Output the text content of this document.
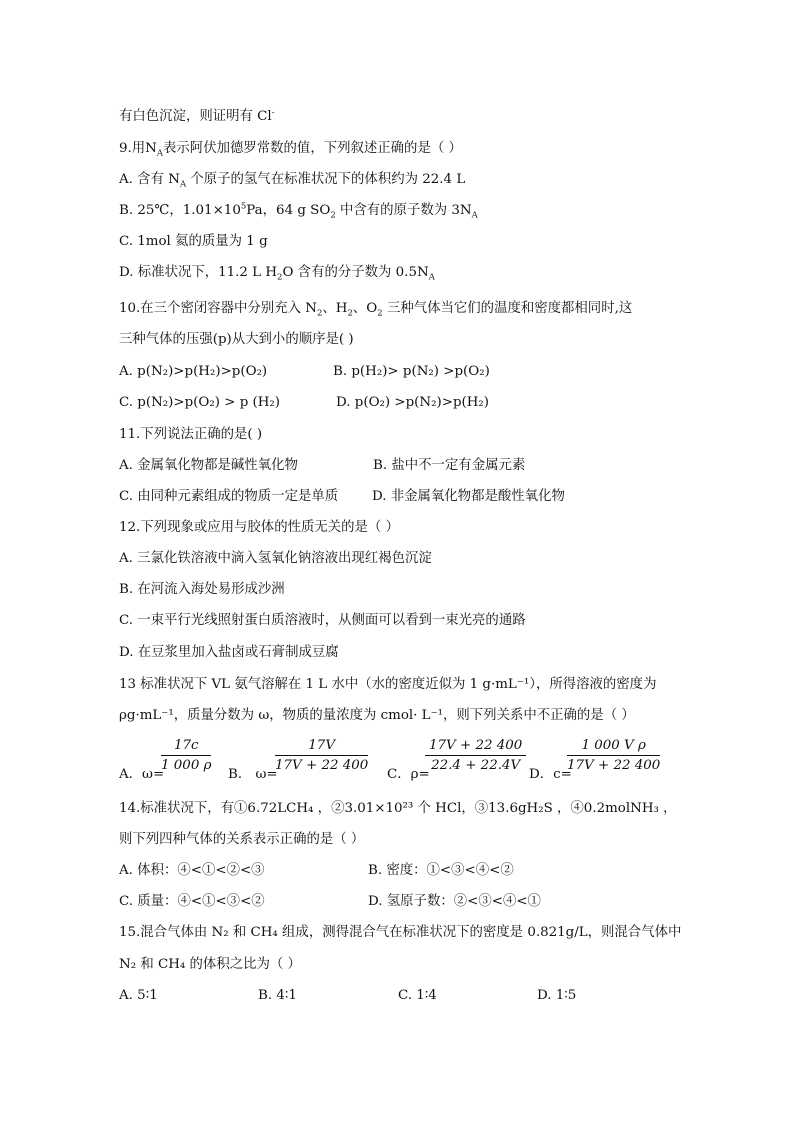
有白色沉淀，则证明有 Cl-
9.用$N_A$表示阿伏加德罗常数的值，下列叙述正确的是（ ）
A. 含有 $N_A$ 个原子的氢气在标准状况下的体积约为 22.4 L
B. 25℃，$1.01\times 10^5Pa$，64 g $SO_2$ 中含有的原子数为 $3N_A$
C. 1mol 氦的质量为 1 g
D. 标准状况下，11.2 L $H_2O$ 含有的分子数为 $0.5N_A$
10.在三个密闭容器中分别充入 $N_2$、$H_2$、$O_2$ 三种气体当它们的温度和密度都相同时,这
三种气体的压强(p)从大到小的顺序是( )
A. p(N₂)>p(H₂)>p(O₂)	B. p(H₂)> p(N₂) >p(O₂)
C. p(N₂)>p(O₂) > p (H₂)	D. p(O₂) >p(N₂)>p(H₂)
11.下列说法正确的是( )
A. 金属氧化物都是碱性氧化物	B. 盐中不一定有金属元素
C. 由同种元素组成的物质一定是单质	D. 非金属氧化物都是酸性氧化物
12.下列现象或应用与胶体的性质无关的是（ ）
A. 三氯化铁溶液中滴入氢氧化钠溶液出现红褐色沉淀
B. 在河流入海处易形成沙洲
C. 一束平行光线照射蛋白质溶液时，从侧面可以看到一束光亮的通路
D. 在豆浆里加入盐卤或石膏制成豆腐
13 标准状况下 VL 氨气溶解在 1 L 水中（水的密度近似为 1 g·mL⁻¹），所得溶液的密度为
ρg·mL⁻¹，质量分数为 ω，物质的量浓度为 cmol· L⁻¹，则下列关系中不正确的是（ ）
A．ω=
$\frac{17c}{1 000 \rho}$
B． ω=
$\frac{17V}{17V + 22 400}$
C．ρ=
$\frac{17V + 22 400}{22.4 + 22.4V}$
D．c=
$\frac{\text{1 000 V ρ}}{17V + 22 400}$
14.标准状况下，有①6.72LCH₄ ，②3.01×10²³ 个 HCl，③13.6gH₂S ，④0.2molNH₃ ，
则下列四种气体的关系表示正确的是（ ）
A. 体积：④<①<②<③	B. 密度：①<③<④<②
C. 质量：④<①<③<②	D. 氢原子数：②<③<④<①
15.混合气体由 N₂ 和 CH₄ 组成，测得混合气在标准状况下的密度是 0.821g/L，则混合气体中
N₂ 和 CH₄ 的体积之比为（ ）
A. 5∶1	B. 4∶1	C. 1∶4	D. 1∶5
